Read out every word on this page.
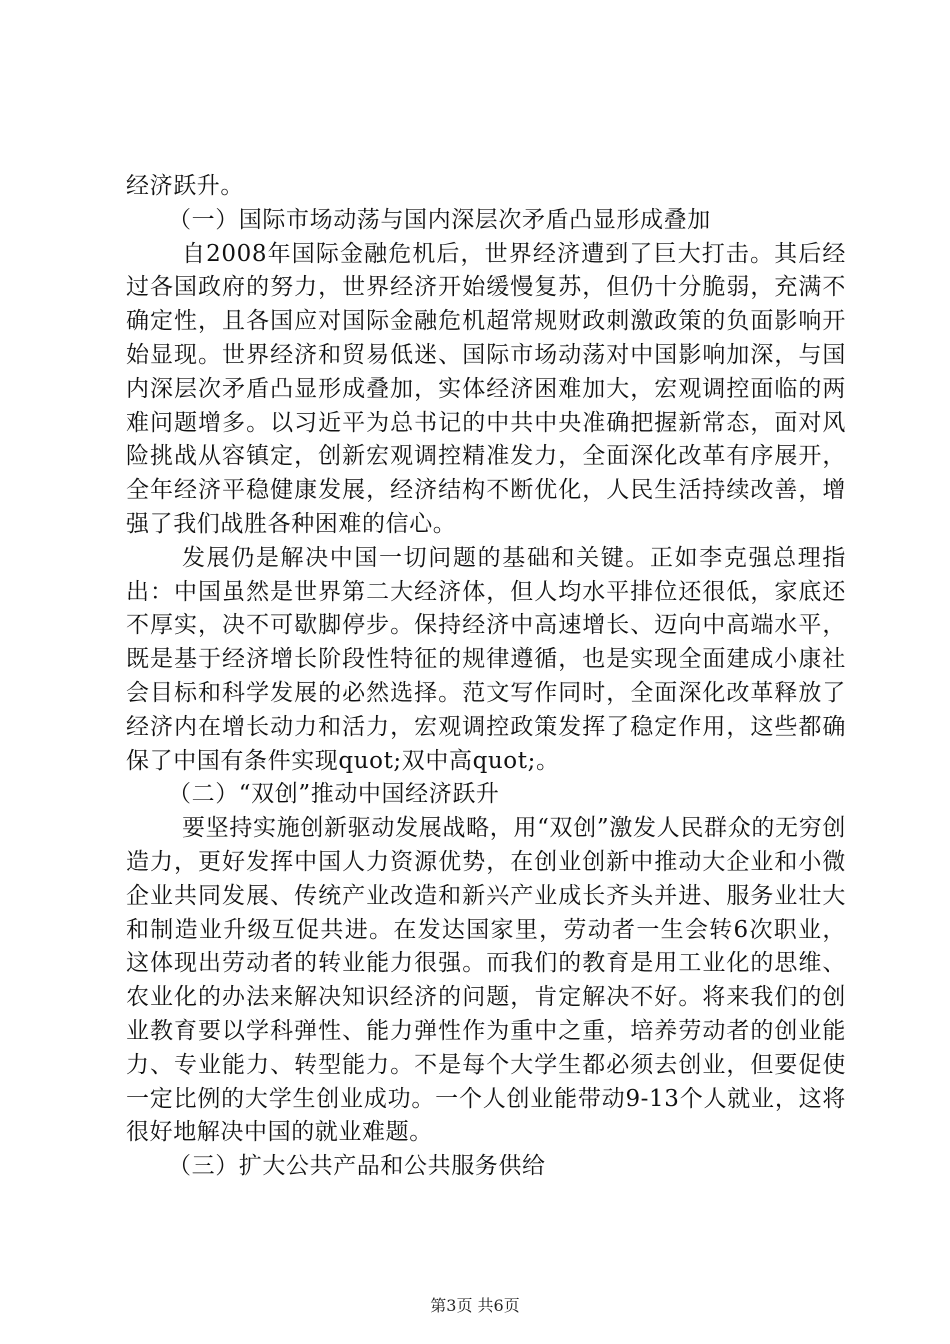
经济跃升。

（一）国际市场动荡与国内深层次矛盾凸显形成叠加

自2008年国际金融危机后，世界经济遭到了巨大打击。其后经过各国政府的努力，世界经济开始缓慢复苏，但仍十分脆弱，充满不确定性，且各国应对国际金融危机超常规财政刺激政策的负面影响开始显现。世界经济和贸易低迷、国际市场动荡对中国影响加深，与国内深层次矛盾凸显形成叠加，实体经济困难加大，宏观调控面临的两难问题增多。以习近平为总书记的中共中央准确把握新常态，面对风险挑战从容镇定，创新宏观调控精准发力，全面深化改革有序展开，全年经济平稳健康发展，经济结构不断优化，人民生活持续改善，增强了我们战胜各种困难的信心。

发展仍是解决中国一切问题的基础和关键。正如李克强总理指出：中国虽然是世界第二大经济体，但人均水平排位还很低，家底还不厚实，决不可歇脚停步。保持经济中高速增长、迈向中高端水平，既是基于经济增长阶段性特征的规律遵循，也是实现全面建成小康社会目标和科学发展的必然选择。范文写作同时，全面深化改革释放了经济内在增长动力和活力，宏观调控政策发挥了稳定作用，这些都确保了中国有条件实现quot;双中高quot;。

（二）“双创”推动中国经济跃升

要坚持实施创新驱动发展战略，用“双创”激发人民群众的无穷创造力，更好发挥中国人力资源优势，在创业创新中推动大企业和小微企业共同发展、传统产业改造和新兴产业成长齐头并进、服务业壮大和制造业升级互促共进。在发达国家里，劳动者一生会转6次职业，这体现出劳动者的转业能力很强。而我们的教育是用工业化的思维、农业化的办法来解决知识经济的问题，肯定解决不好。将来我们的创业教育要以学科弹性、能力弹性作为重中之重，培养劳动者的创业能力、专业能力、转型能力。不是每个大学生都必须去创业，但要促使一定比例的大学生创业成功。一个人创业能带动9-13个人就业，这将很好地解决中国的就业难题。

（三）扩大公共产品和公共服务供给

第3页 共6页
